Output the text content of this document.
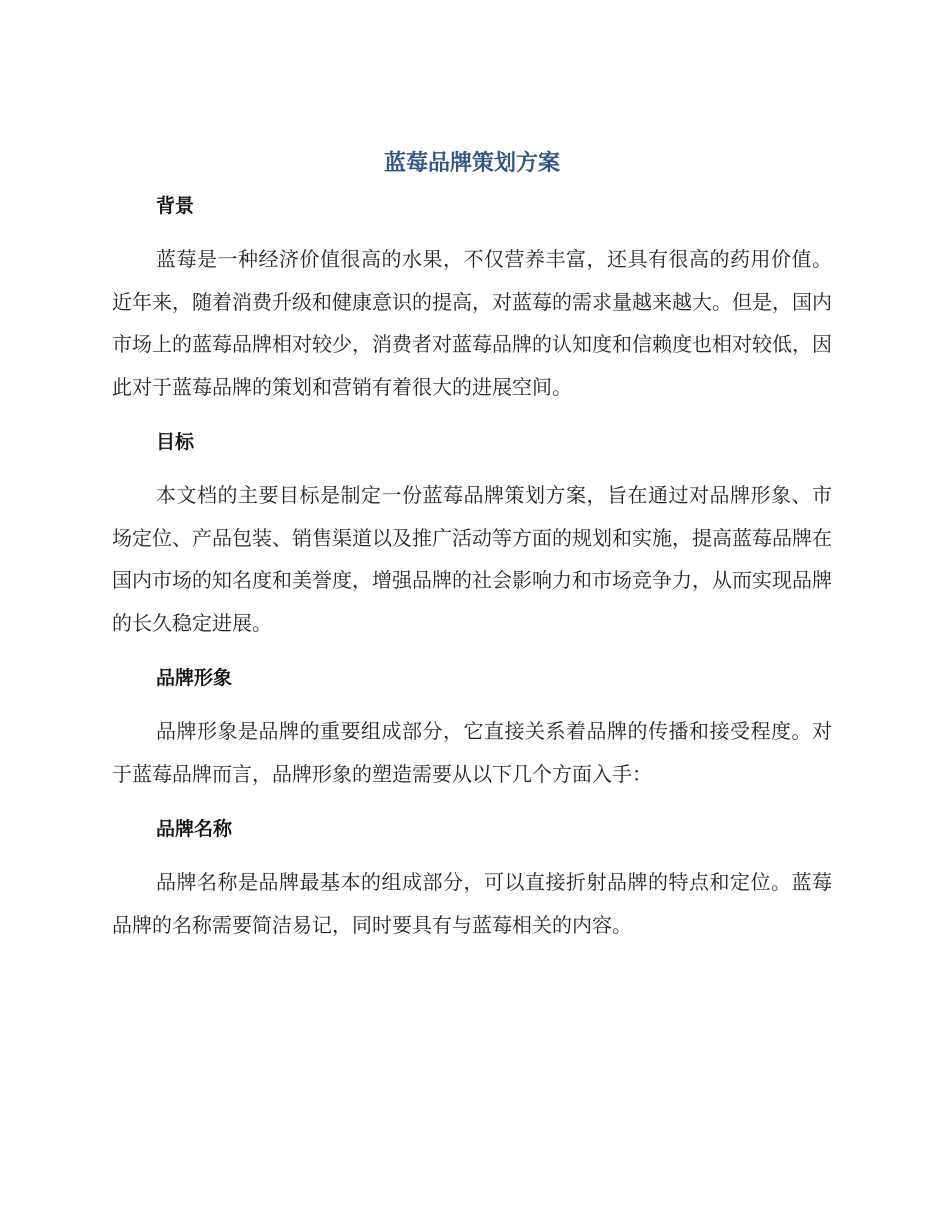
蓝莓品牌策划方案
背景

蓝莓是一种经济价值很高的水果，不仅营养丰富，还具有很高的药用价值。近年来，随着消费升级和健康意识的提高，对蓝莓的需求量越来越大。但是，国内市场上的蓝莓品牌相对较少，消费者对蓝莓品牌的认知度和信赖度也相对较低，因此对于蓝莓品牌的策划和营销有着很大的进展空间。

目标

本文档的主要目标是制定一份蓝莓品牌策划方案，旨在通过对品牌形象、市场定位、产品包装、销售渠道以及推广活动等方面的规划和实施，提高蓝莓品牌在国内市场的知名度和美誉度，增强品牌的社会影响力和市场竞争力，从而实现品牌的长久稳定进展。

品牌形象

品牌形象是品牌的重要组成部分，它直接关系着品牌的传播和接受程度。对于蓝莓品牌而言，品牌形象的塑造需要从以下几个方面入手：

品牌名称

品牌名称是品牌最基本的组成部分，可以直接折射品牌的特点和定位。蓝莓品牌的名称需要简洁易记，同时要具有与蓝莓相关的内容。
